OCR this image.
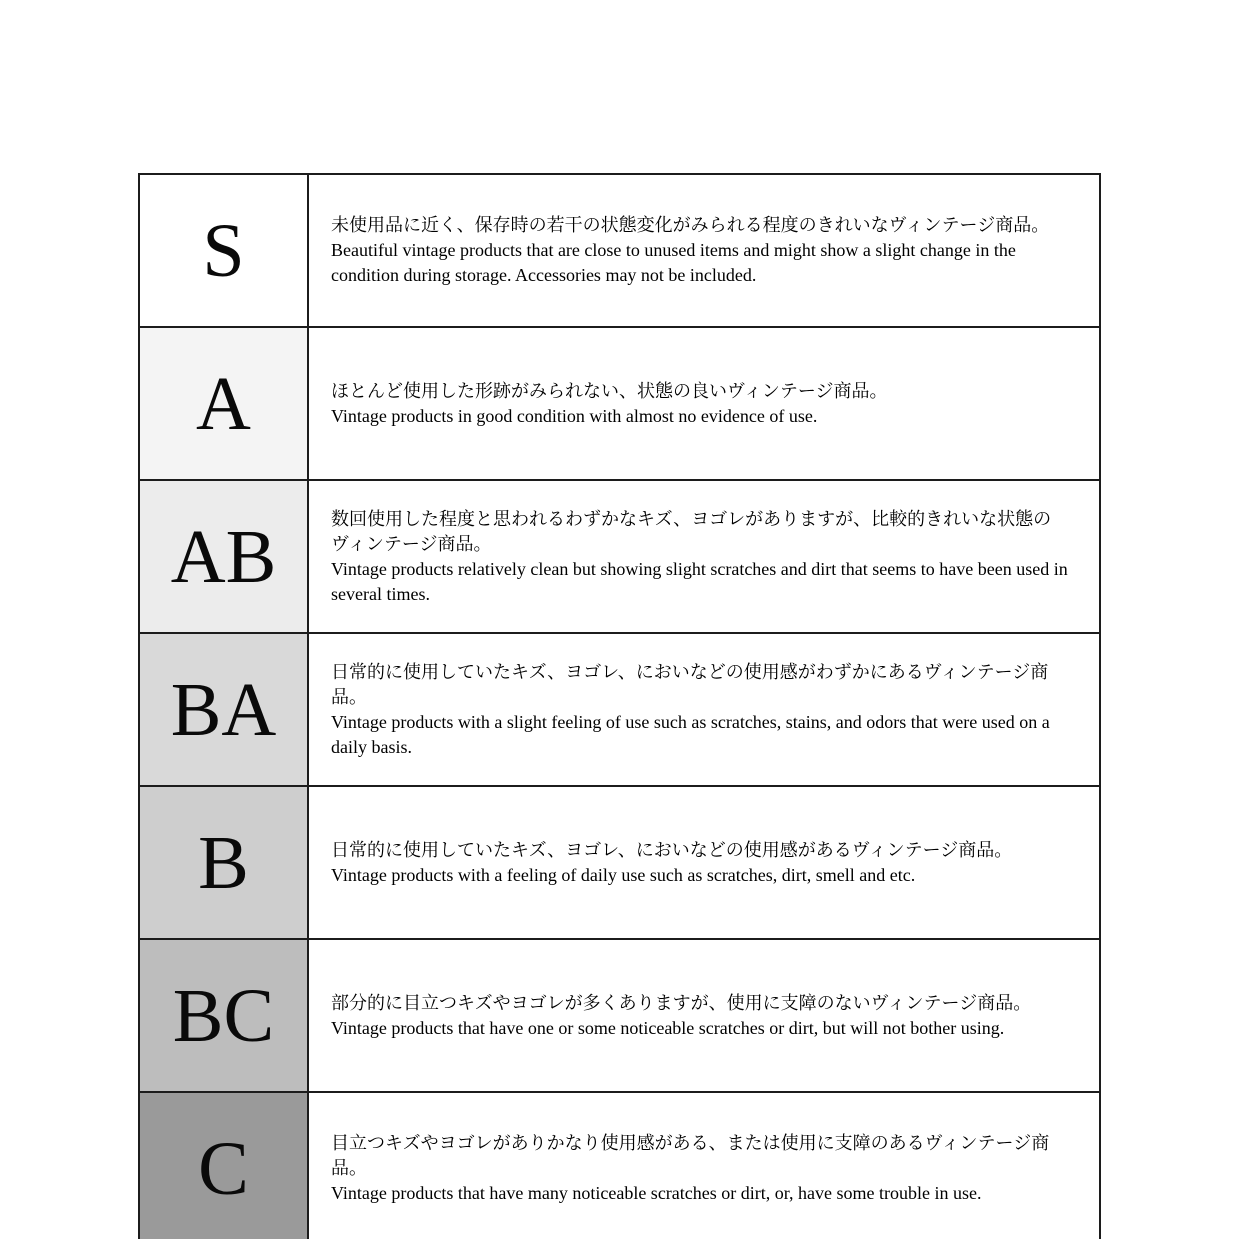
S	未使用品に近く、保存時の若干の状態変化がみられる程度のきれいなヴィンテージ商品。
Beautiful vintage products that are close to unused items and might show a slight change in the condition during storage. Accessories may not be included.

A	ほとんど使用した形跡がみられない、状態の良いヴィンテージ商品。
Vintage products in good condition with almost no evidence of use.

AB	数回使用した程度と思われるわずかなキズ、ヨゴレがありますが、比較的きれいな状態のヴィンテージ商品。
Vintage products relatively clean but showing slight scratches and dirt that seems to have been used in several times.

BA	日常的に使用していたキズ、ヨゴレ、においなどの使用感がわずかにあるヴィンテージ商品。
Vintage products with a slight feeling of use such as scratches, stains, and odors that were used on a daily basis.

B	日常的に使用していたキズ、ヨゴレ、においなどの使用感があるヴィンテージ商品。
Vintage products with a feeling of daily use such as scratches, dirt, smell and etc.

BC	部分的に目立つキズやヨゴレが多くありますが、使用に支障のないヴィンテージ商品。
Vintage products that have one or some noticeable scratches or dirt, but will not bother using.

C	目立つキズやヨゴレがありかなり使用感がある、または使用に支障のあるヴィンテージ商品。
Vintage products that have many noticeable scratches or dirt, or, have some trouble in use.
